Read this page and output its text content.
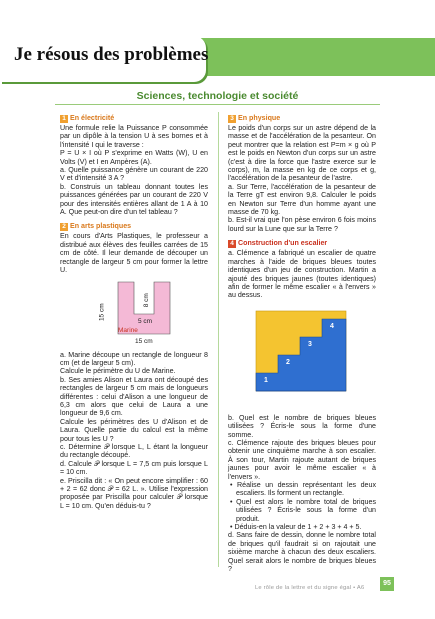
Je résous des problèmes
Sciences, technologie et société
1 En électricité

Une formule relie la Puissance P consommée par un dipôle à la tension U à ses bornes et à l'intensité I qui le traverse :

P = U × I où P s'exprime en Watts (W), U en Volts (V) et I en Ampères (A).

a. Quelle puissance génère un courant de 220 V et d'intensité 3 A ?

b. Construis un tableau donnant toutes les puissances générées par un courant de 220 V pour des intensités entières allant de 1 A à 10 A. Que peut-on dire d'un tel tableau ?

2 En arts plastiques

En cours d'Arts Plastiques, le professeur a distribué aux élèves des feuilles carrées de 15 cm de côté. Il leur demande de découper un rectangle de largeur 5 cm pour former la lettre U.

15 cm
8 cm
5 cm
Marine
15 cm

a. Marine découpe un rectangle de longueur 8 cm (et de largeur 5 cm).

Calcule le périmètre du U de Marine.

b. Ses amies Alison et Laura ont découpé des rectangles de largeur 5 cm mais de longueurs différentes : celui d'Alison a une longueur de 6,3 cm alors que celui de Laura a une longueur de 9,6 cm.

Calcule les périmètres des U d'Alison et de Laura. Quelle partie du calcul est la même pour tous les U ?

c. Détermine 𝒫 lorsque L, L étant la longueur du rectangle découpé.

d. Calcule 𝒫 lorsque L = 7,5 cm puis lorsque L = 10 cm.

e. Priscilla dit : « On peut encore simplifier : 60 + 2 = 62 donc 𝒫 = 62 L. ». Utilise l'expression proposée par Priscilla pour calculer 𝒫 lorsque L = 10 cm. Qu'en déduis-tu ?

3 En physique

Le poids d'un corps sur un astre dépend de la masse et de l'accélération de la pesanteur. On peut montrer que la relation est P=m × g où P est le poids en Newton d'un corps sur un astre (c'est à dire la force que l'astre exerce sur le corps), m, la masse en kg de ce corps et g, l'accélération de la pesanteur de l'astre.

a. Sur Terre, l'accélération de la pesanteur de la Terre gT est environ 9,8. Calculer le poids en Newton sur Terre d'un homme ayant une masse de 70 kg.

b. Est-il vrai que l'on pèse environ 6 fois moins lourd sur la Lune que sur la Terre ?

4 Construction d'un escalier

a. Clémence a fabriqué un escalier de quatre marches à l'aide de briques bleues toutes identiques d'un jeu de construction. Martin a ajouté des briques jaunes (toutes identiques) afin de former le même escalier « à l'envers » au dessus.

1
2
3
4

b. Quel est le nombre de briques bleues utilisées ? Écris-le sous la forme d'une somme.

c. Clémence rajoute des briques bleues pour obtenir une cinquième marche à son escalier. À son tour, Martin rajoute autant de briques jaunes pour avoir le même escalier « à l'envers ».

• Réalise un dessin représentant les deux escaliers. Ils forment un rectangle.

• Quel est alors le nombre total de briques utilisées ? Écris-le sous la forme d'un produit.

• Déduis-en la valeur de 1 + 2 + 3 + 4 + 5.

d. Sans faire de dessin, donne le nombre total de briques qu'il faudrait si on rajoutait une sixième marche à chacun des deux escaliers. Quel serait alors le nombre de briques bleues ?

Le rôle de la lettre et du signe égal • A6
95
